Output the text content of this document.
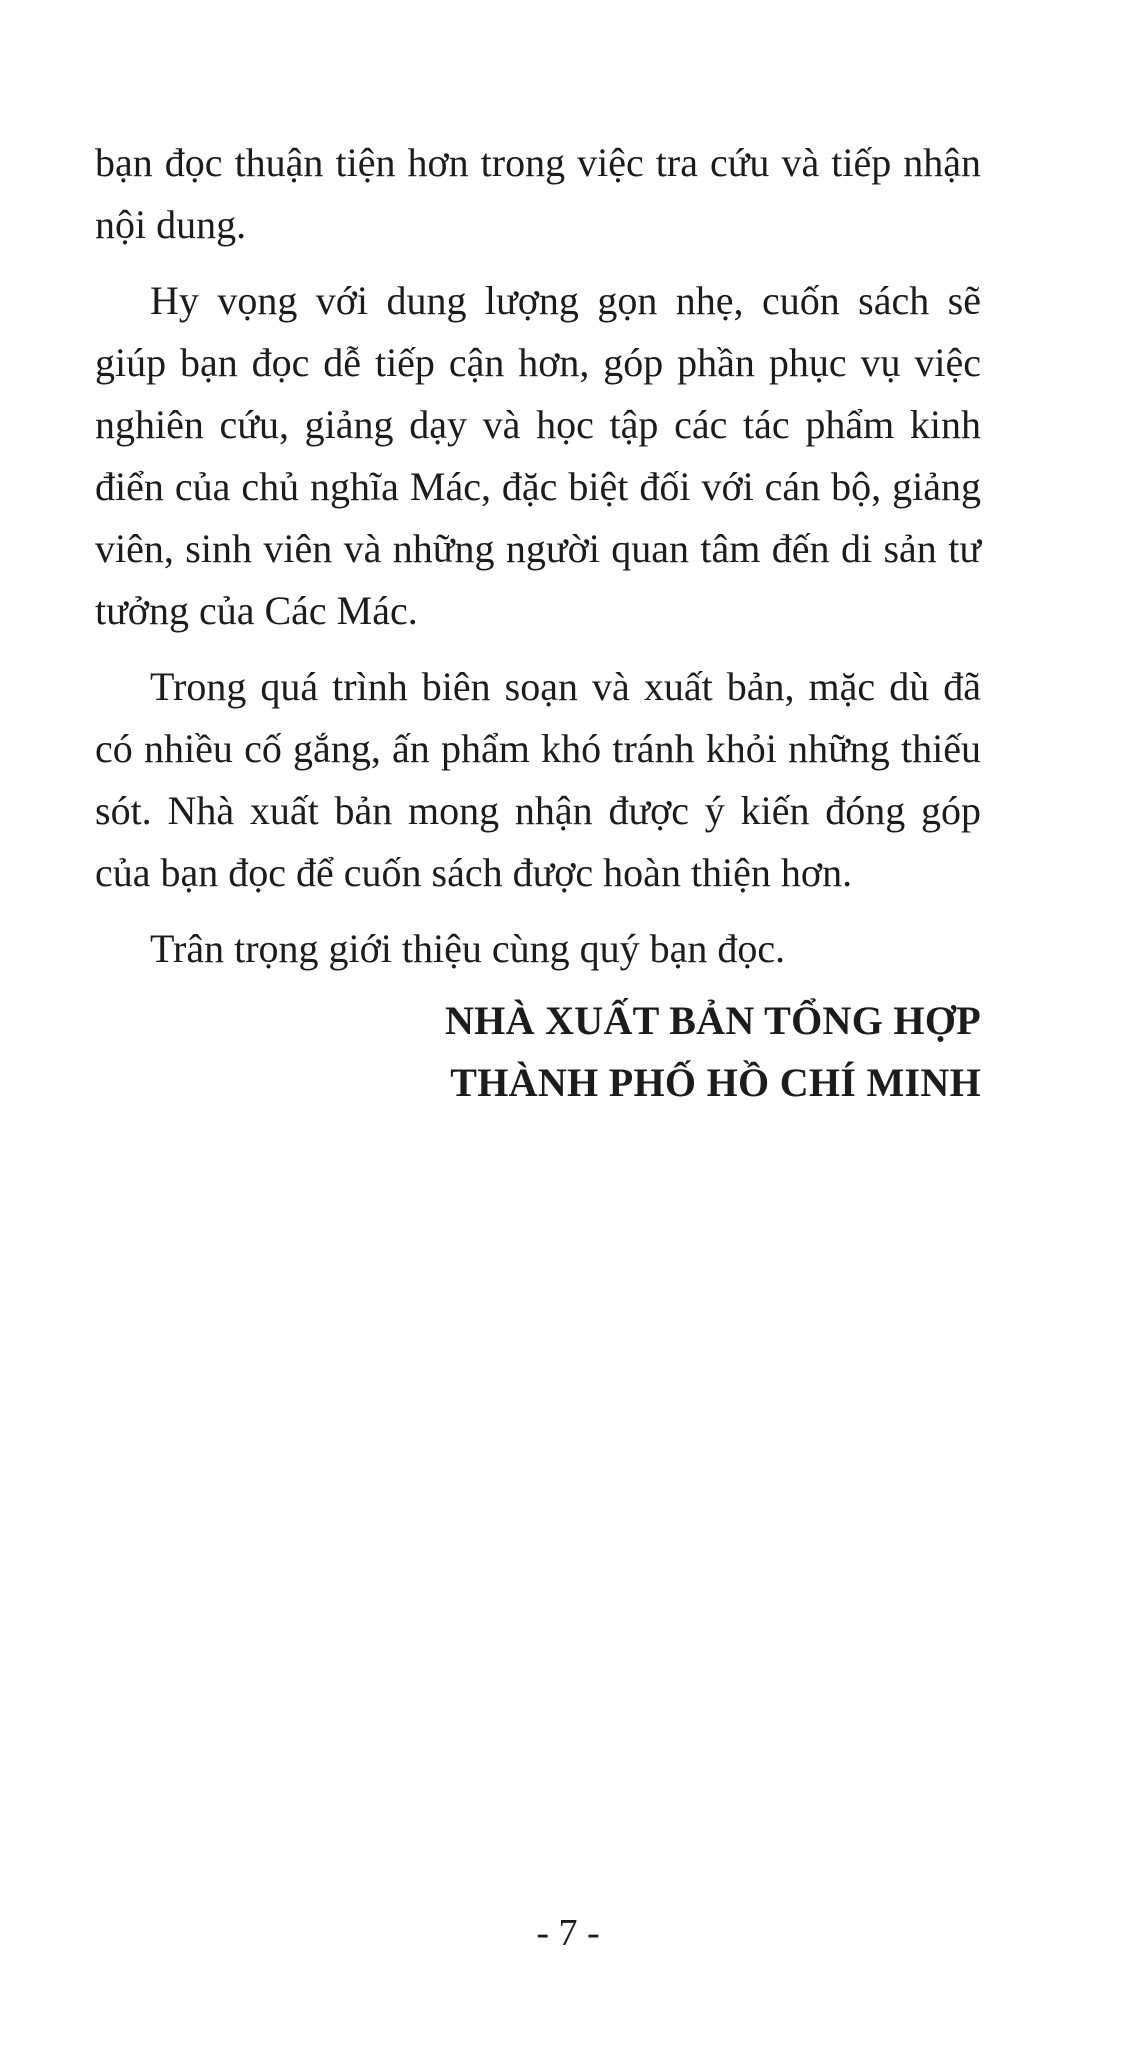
bạn đọc thuận tiện hơn trong việc tra cứu và tiếp nhận nội dung.

Hy vọng với dung lượng gọn nhẹ, cuốn sách sẽ giúp bạn đọc dễ tiếp cận hơn, góp phần phục vụ việc nghiên cứu, giảng dạy và học tập các tác phẩm kinh điển của chủ nghĩa Mác, đặc biệt đối với cán bộ, giảng viên, sinh viên và những người quan tâm đến di sản tư tưởng của Các Mác.

Trong quá trình biên soạn và xuất bản, mặc dù đã có nhiều cố gắng, ấn phẩm khó tránh khỏi những thiếu sót. Nhà xuất bản mong nhận được ý kiến đóng góp của bạn đọc để cuốn sách được hoàn thiện hơn.

Trân trọng giới thiệu cùng quý bạn đọc.

NHÀ XUẤT BẢN TỔNG HỢP
THÀNH PHỐ HỒ CHÍ MINH
- 7 -
